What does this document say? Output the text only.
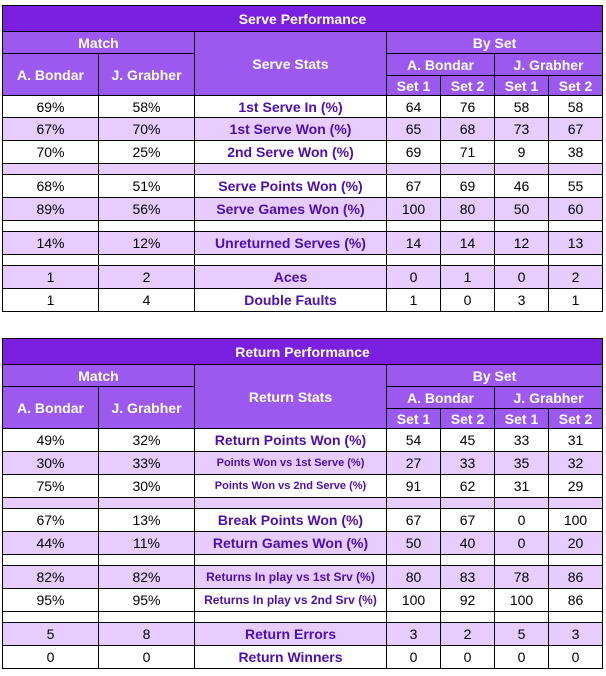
Serve Performance						
Match		Serve Stats	By Set			
A. Bondar	J. Grabher		A. Bondar		J. Grabher	
			Set 1	Set 2	Set 1	Set 2
69%	58%	1st Serve In (%)	64	76	58	58
67%	70%	1st Serve Won (%)	65	68	73	67
70%	25%	2nd Serve Won (%)	69	71	9	38

68%	51%	Serve Points Won (%)	67	69	46	55
89%	56%	Serve Games Won (%)	100	80	50	60

14%	12%	Unreturned Serves (%)	14	14	12	13

1	2	Aces	0	1	0	2
1	4	Double Faults	1	0	3	1
Return Performance						
Match		Return Stats	By Set			
A. Bondar	J. Grabher		A. Bondar		J. Grabher	
			Set 1	Set 2	Set 1	Set 2
49%	32%	Return Points Won (%)	54	45	33	31
30%	33%	Points Won vs 1st Serve (%)	27	33	35	32
75%	30%	Points Won vs 2nd Serve (%)	91	62	31	29

67%	13%	Break Points Won (%)	67	67	0	100
44%	11%	Return Games Won (%)	50	40	0	20

82%	82%	Returns In play vs 1st Srv (%)	80	83	78	86
95%	95%	Returns In play vs 2nd Srv (%)	100	92	100	86

5	8	Return Errors	3	2	5	3
0	0	Return Winners	0	0	0	0
